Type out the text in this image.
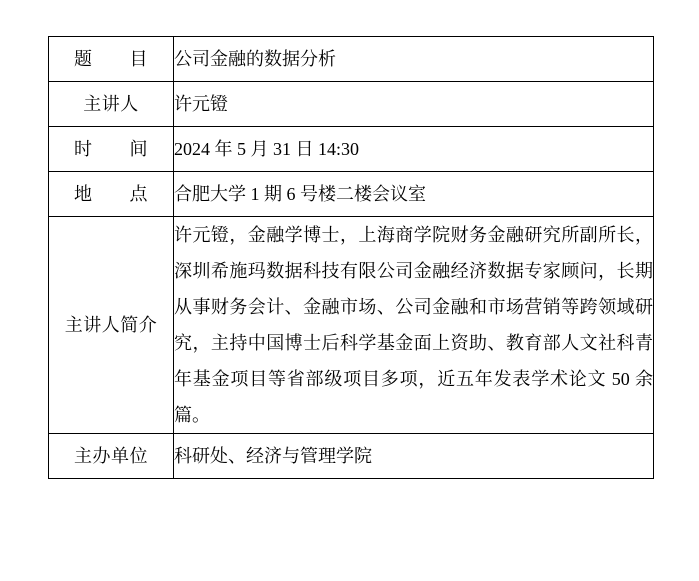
题　　目	公司金融的数据分析
主讲人	许元镫
时　　间	2024 年 5 月 31 日 14:30
地　　点	合肥大学 1 期 6 号楼二楼会议室
主讲人简介	许元镫，金融学博士，上海商学院财务金融研究所副所长，深圳希施玛数据科技有限公司金融经济数据专家顾问，长期从事财务会计、金融市场、公司金融和市场营销等跨领域研究，主持中国博士后科学基金面上资助、教育部人文社科青年基金项目等省部级项目多项，近五年发表学术论文 50 余篇。
主办单位	科研处、经济与管理学院
